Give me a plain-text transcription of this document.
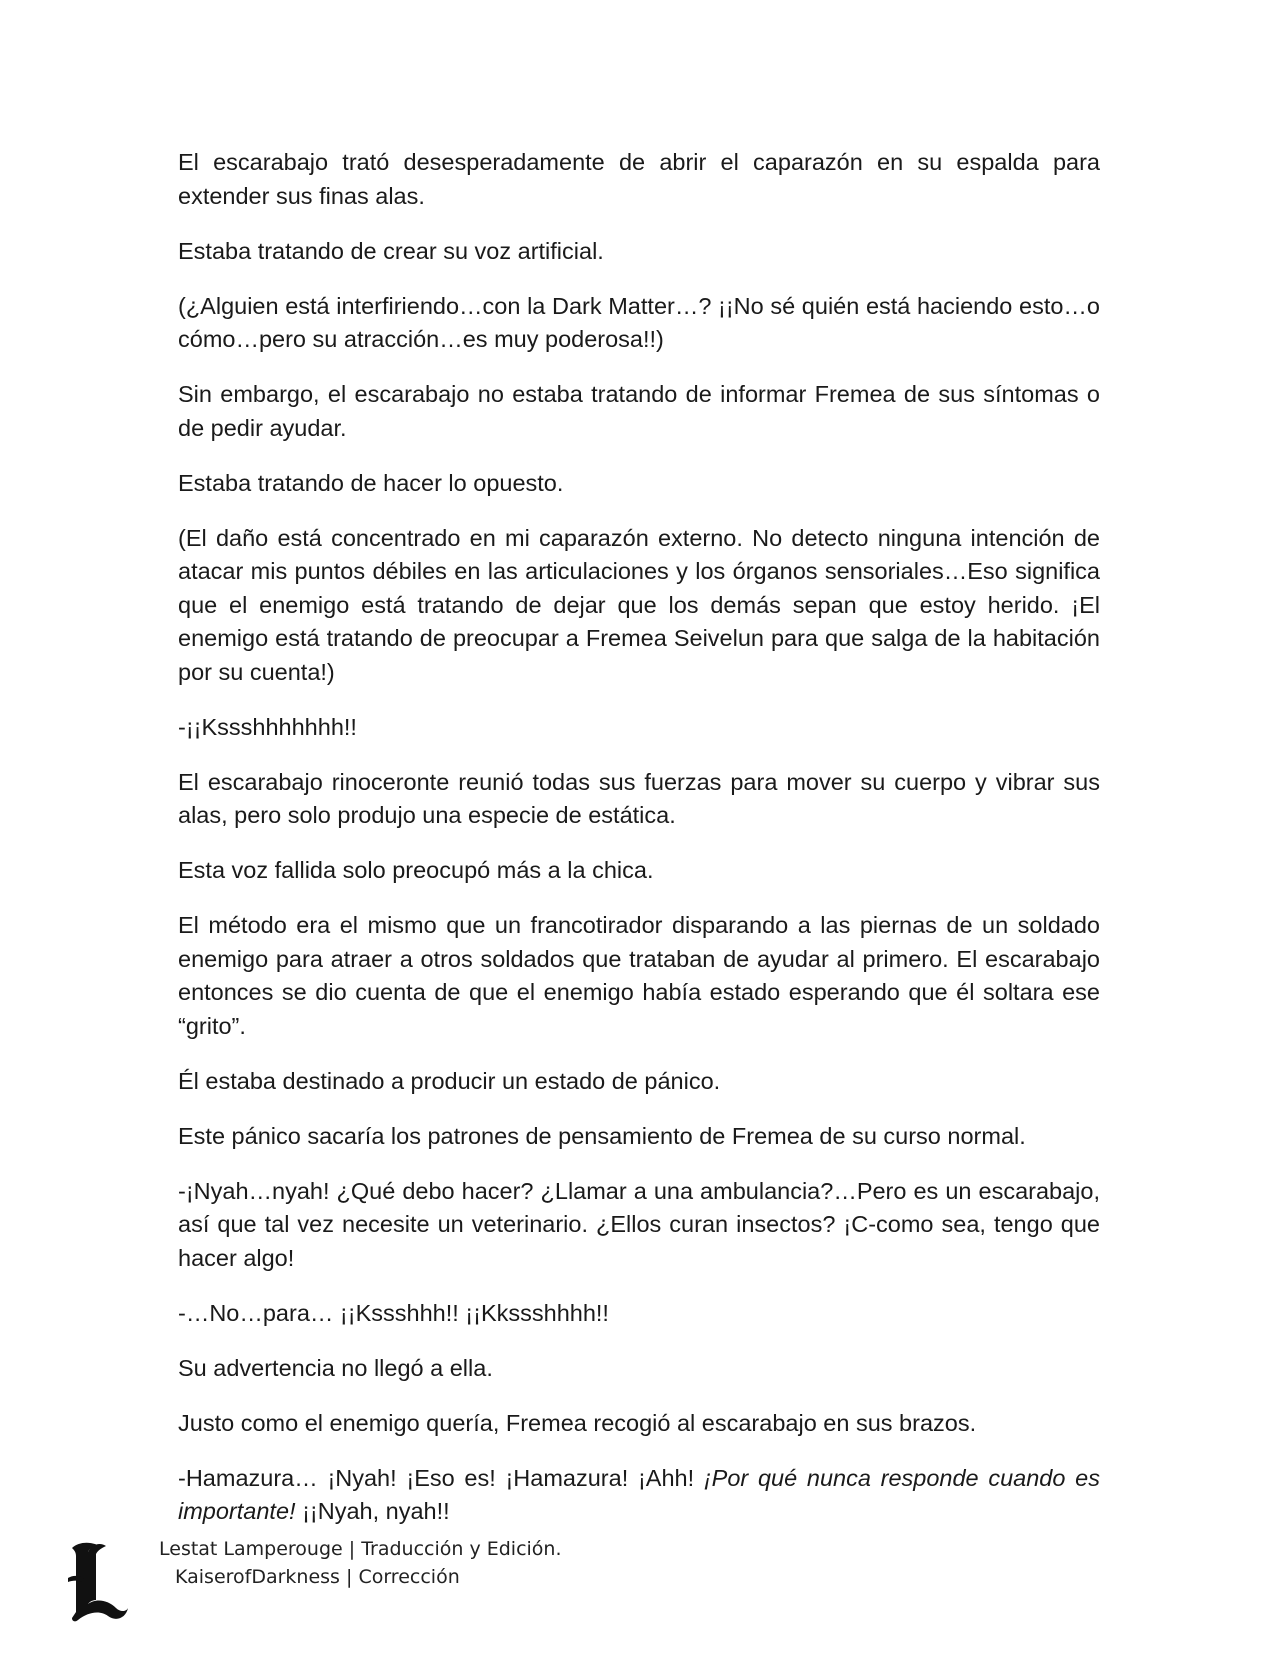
El escarabajo trató desesperadamente de abrir el caparazón en su espalda para extender sus finas alas.

Estaba tratando de crear su voz artificial.

(¿Alguien está interfiriendo…con la Dark Matter…? ¡¡No sé quién está haciendo esto…o cómo…pero su atracción…es muy poderosa!!)

Sin embargo, el escarabajo no estaba tratando de informar Fremea de sus síntomas o de pedir ayudar.

Estaba tratando de hacer lo opuesto.

(El daño está concentrado en mi caparazón externo. No detecto ninguna intención de atacar mis puntos débiles en las articulaciones y los órganos sensoriales…Eso significa que el enemigo está tratando de dejar que los demás sepan que estoy herido. ¡El enemigo está tratando de preocupar a Fremea Seivelun para que salga de la habitación por su cuenta!)

-¡¡Kssshhhhhhh!!

El escarabajo rinoceronte reunió todas sus fuerzas para mover su cuerpo y vibrar sus alas, pero solo produjo una especie de estática.

Esta voz fallida solo preocupó más a la chica.

El método era el mismo que un francotirador disparando a las piernas de un soldado enemigo para atraer a otros soldados que trataban de ayudar al primero. El escarabajo entonces se dio cuenta de que el enemigo había estado esperando que él soltara ese “grito”.

Él estaba destinado a producir un estado de pánico.

Este pánico sacaría los patrones de pensamiento de Fremea de su curso normal.

-¡Nyah…nyah! ¿Qué debo hacer? ¿Llamar a una ambulancia?…Pero es un escarabajo, así que tal vez necesite un veterinario. ¿Ellos curan insectos? ¡C-como sea, tengo que hacer algo!

-…No…para… ¡¡Kssshhh!! ¡¡Kkssshhhh!!

Su advertencia no llegó a ella.

Justo como el enemigo quería, Fremea recogió al escarabajo en sus brazos.

-Hamazura… ¡Nyah! ¡Eso es! ¡Hamazura! ¡Ahh! ¡Por qué nunca responde cuando es importante! ¡¡Nyah, nyah!!

Lestat Lamperouge | Traducción y Edición.
KaiserofDarkness | Corrección
